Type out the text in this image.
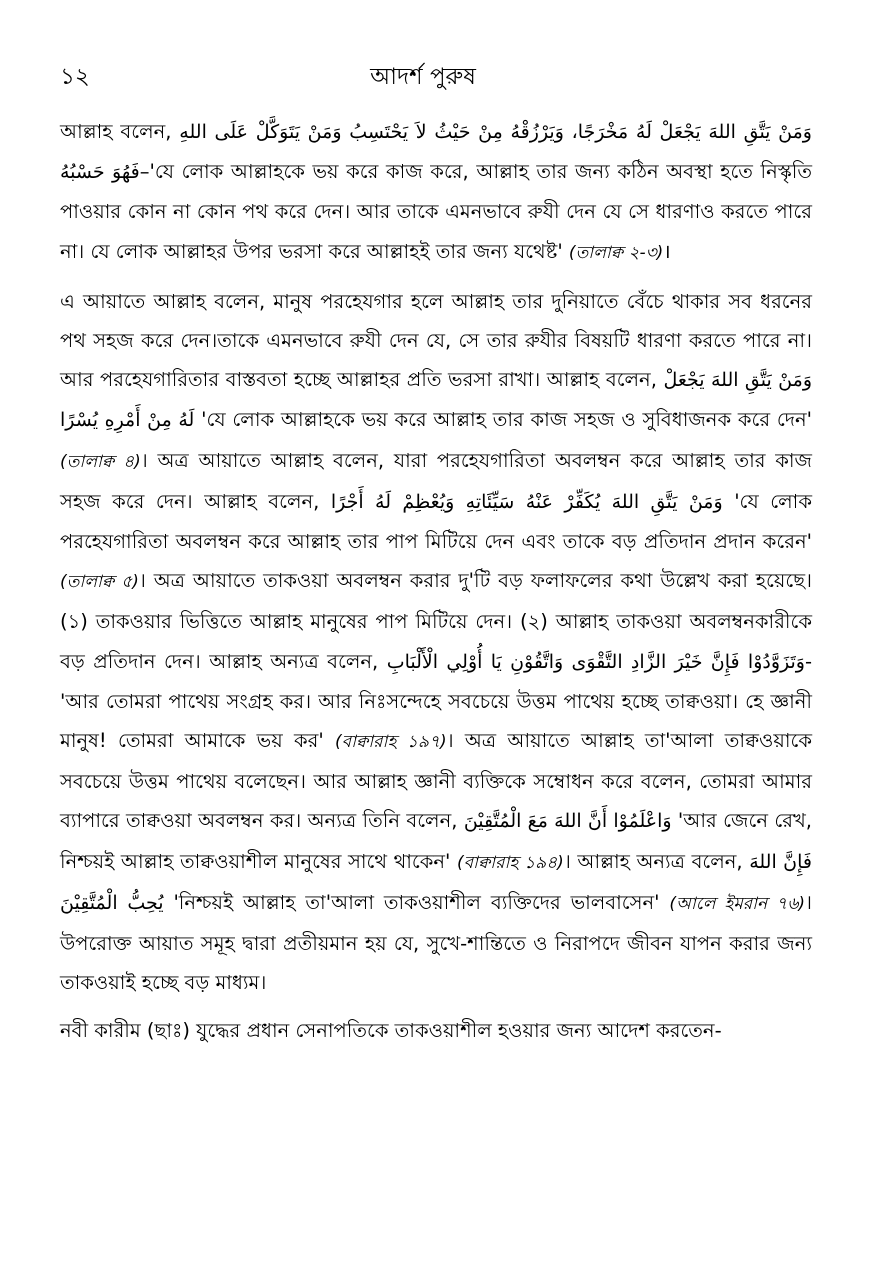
১২	আদর্শ পুরুষ

আল্লাহ বলেন, وَمَنْ يَتَّقِ اللهَ يَجْعَلْ لَهُ مَخْرَجًا، وَيَرْزُقْهُ مِنْ حَيْثُ لاَ يَحْتَسِبُ وَمَنْ يَتَوَكَّلْ عَلَى اللهِ فَهُوَ حَسْبُهُ–'যে লোক আল্লাহকে ভয় করে কাজ করে, আল্লাহ তার জন্য কঠিন অবস্থা হতে নিস্কৃতি পাওয়ার কোন না কোন পথ করে দেন। আর তাকে এমনভাবে রুযী দেন যে সে ধারণাও করতে পারে না। যে লোক আল্লাহর উপর ভরসা করে আল্লাহই তার জন্য যথেষ্ট' (তালাক্ব ২-৩)।

এ আয়াতে আল্লাহ বলেন, মানুষ পরহেযগার হলে আল্লাহ তার দুনিয়াতে বেঁচে থাকার সব ধরনের পথ সহজ করে দেন।তাকে এমনভাবে রুযী দেন যে, সে তার রুযীর বিষয়টি ধারণা করতে পারে না। আর পরহেযগারিতার বাস্তবতা হচ্ছে আল্লাহর প্রতি ভরসা রাখা। আল্লাহ বলেন, وَمَنْ يَتَّقِ اللهَ يَجْعَلْ لَهُ مِنْ أَمْرِهِ يُسْرًا 'যে লোক আল্লাহকে ভয় করে আল্লাহ তার কাজ সহজ ও সুবিধাজনক করে দেন' (তালাক্ব ৪)। অত্র আয়াতে আল্লাহ বলেন, যারা পরহেযগারিতা অবলম্বন করে আল্লাহ তার কাজ সহজ করে দেন। আল্লাহ বলেন, وَمَنْ يَتَّقِ اللهَ يُكَفِّرْ عَنْهُ سَيِّئَاتِهِ وَيُعْظِمْ لَهُ أَجْرًا 'যে লোক পরহেযগারিতা অবলম্বন করে আল্লাহ তার পাপ মিটিয়ে দেন এবং তাকে বড় প্রতিদান প্রদান করেন' (তালাক্ব ৫)। অত্র আয়াতে তাকওয়া অবলম্বন করার দু'টি বড় ফলাফলের কথা উল্লেখ করা হয়েছে। (১) তাকওয়ার ভিত্তিতে আল্লাহ মানুষের পাপ মিটিয়ে দেন। (২) আল্লাহ তাকওয়া অবলম্বনকারীকে বড় প্রতিদান দেন। আল্লাহ অন্যত্র বলেন, وَتَزَوَّدُوْا فَإِنَّ خَيْرَ الزَّادِ التَّقْوَى وَاتَّقُوْنِ يَا أُوْلِي الْأَلْبَابِ- 'আর তোমরা পাথেয় সংগ্রহ কর। আর নিঃসন্দেহে সবচেয়ে উত্তম পাথেয় হচ্ছে তাক্বওয়া। হে জ্ঞানী মানুষ! তোমরা আমাকে ভয় কর' (বাক্বারাহ ১৯৭)। অত্র আয়াতে আল্লাহ তা'আলা তাক্বওয়াকে সবচেয়ে উত্তম পাথেয় বলেছেন। আর আল্লাহ জ্ঞানী ব্যক্তিকে সম্বোধন করে বলেন, তোমরা আমার ব্যাপারে তাক্বওয়া অবলম্বন কর। অন্যত্র তিনি বলেন, وَاعْلَمُوْا أَنَّ اللهَ مَعَ الْمُتَّقِيْنَ 'আর জেনে রেখ, নিশ্চয়ই আল্লাহ তাক্বওয়াশীল মানুষের সাথে থাকেন' (বাক্বারাহ ১৯৪)। আল্লাহ অন্যত্র বলেন, فَإِنَّ اللهَ يُحِبُّ الْمُتَّقِيْنَ 'নিশ্চয়ই আল্লাহ তা'আলা তাকওয়াশীল ব্যক্তিদের ভালবাসেন' (আলে ইমরান ৭৬)। উপরোক্ত আয়াত সমূহ দ্বারা প্রতীয়মান হয় যে, সুখে-শান্তিতে ও নিরাপদে জীবন যাপন করার জন্য তাকওয়াই হচ্ছে বড় মাধ্যম।

নবী কারীম (ছাঃ) যুদ্ধের প্রধান সেনাপতিকে তাকওয়াশীল হওয়ার জন্য আদেশ করতেন-
